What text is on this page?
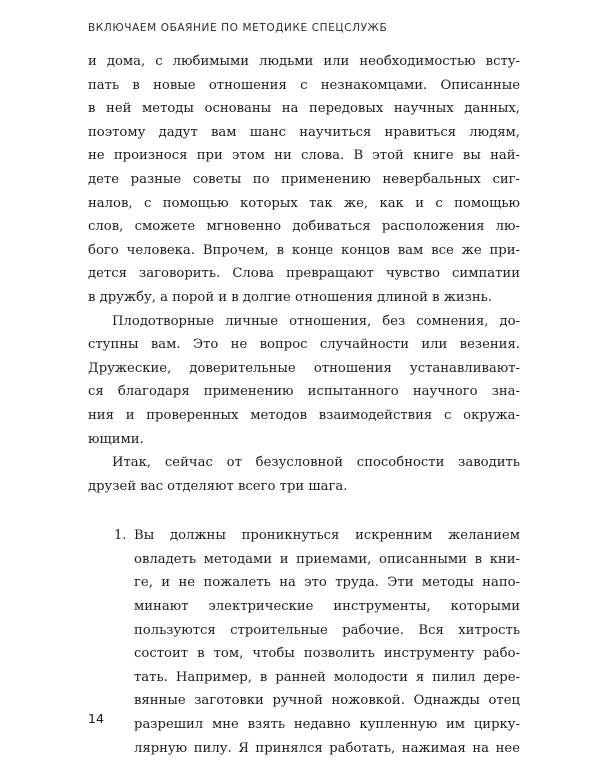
ВКЛЮЧАЕМ ОБАЯНИЕ ПО МЕТОДИКЕ СПЕЦСЛУЖБ
и дома, с любимыми людьми или необходимостью всту-
пать в новые отношения с незнакомцами. Описанные
в ней методы основаны на передовых научных данных,
поэтому дадут вам шанс научиться нравиться людям,
не произнося при этом ни слова. В этой книге вы най-
дете разные советы по применению невербальных сиг-
налов, с помощью которых так же, как и с помощью
слов, сможете мгновенно добиваться расположения лю-
бого человека. Впрочем, в конце концов вам все же при-
дется заговорить. Слова превращают чувство симпатии
в дружбу, а порой и в долгие отношения длиной в жизнь.
Плодотворные личные отношения, без сомнения, до-
ступны вам. Это не вопрос случайности или везения.
Дружеские, доверительные отношения устанавливают-
ся благодаря применению испытанного научного зна-
ния и проверенных методов взаимодействия с окружа-
ющими.
Итак, сейчас от безусловной способности заводить
друзей вас отделяют всего три шага.
1. Вы должны проникнуться искренним желанием
овладеть методами и приемами, описанными в кни-
ге, и не пожалеть на это труда. Эти методы напо-
минают электрические инструменты, которыми
пользуются строительные рабочие. Вся хитрость
состоит в том, чтобы позволить инструменту рабо-
тать. Например, в ранней молодости я пилил дере-
вянные заготовки ручной ножовкой. Однажды отец
разрешил мне взять недавно купленную им цирку-
лярную пилу. Я принялся работать, нажимая на нее
14
